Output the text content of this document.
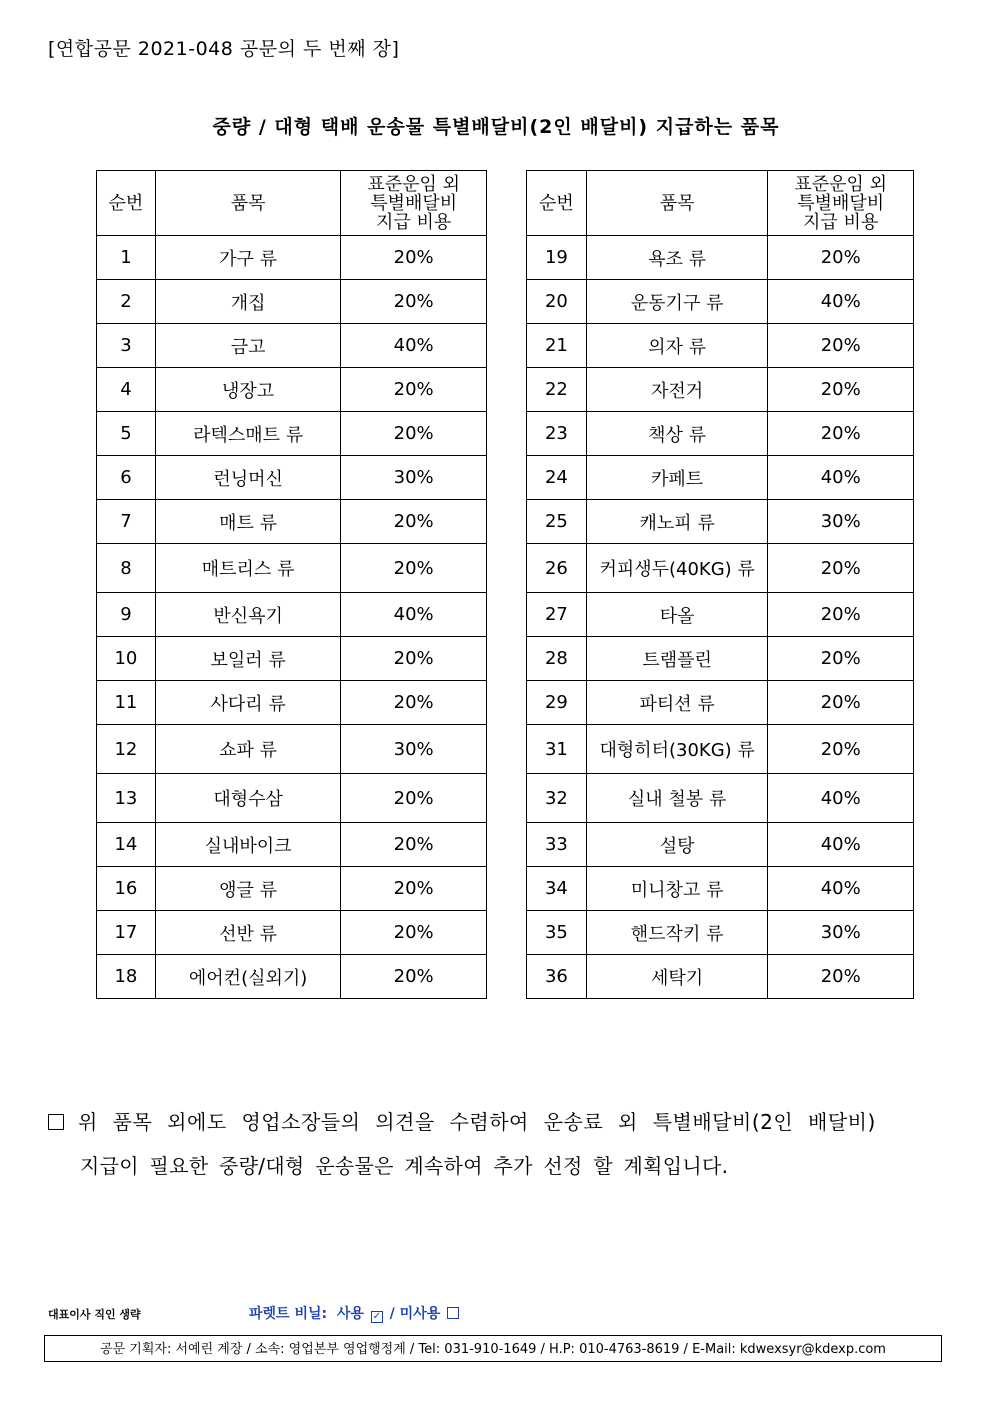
[연합공문 2021-048 공문의 두 번째 장]
중량 / 대형 택배 운송물 특별배달비(2인 배달비) 지급하는 품목
순번	품목	표준운임 외
특별배달비
지급 비용

1	가구 류	20%
2	개집	20%
3	금고	40%
4	냉장고	20%
5	라텍스매트 류	20%
6	런닝머신	30%
7	매트 류	20%
8	매트리스 류	20%
9	반신욕기	40%
10	보일러 류	20%
11	사다리 류	20%
12	쇼파 류	30%
13	대형수삼	20%
14	실내바이크	20%
16	앵글 류	20%
17	선반 류	20%
18	에어컨(실외기)	20%
순번	품목	표준운임 외
특별배달비
지급 비용

19	욕조 류	20%
20	운동기구 류	40%
21	의자 류	20%
22	자전거	20%
23	책상 류	20%
24	카페트	40%
25	캐노피 류	30%
26	커피생두(40KG) 류	20%
27	타올	20%
28	트램플린	20%
29	파티션 류	20%
31	대형히터(30KG) 류	20%
32	실내 철봉 류	40%
33	설탕	40%
34	미니창고 류	40%
35	핸드작키 류	30%
36	세탁기	20%
위 품목 외에도 영업소장들의 의견을 수렴하여 운송료 외 특별배달비(2인 배달비)
지급이 필요한 중량/대형 운송물은 계속하여 추가 선정 할 계획입니다.
대표이사 직인 생략	파렛트 비닐: 사용 ✓ / 미사용
공문 기획자: 서예린 계장 / 소속: 영업본부 영업행정계 / Tel: 031-910-1649 / H.P: 010-4763-8619 / E-Mail: kdwexsyr@kdexp.com
